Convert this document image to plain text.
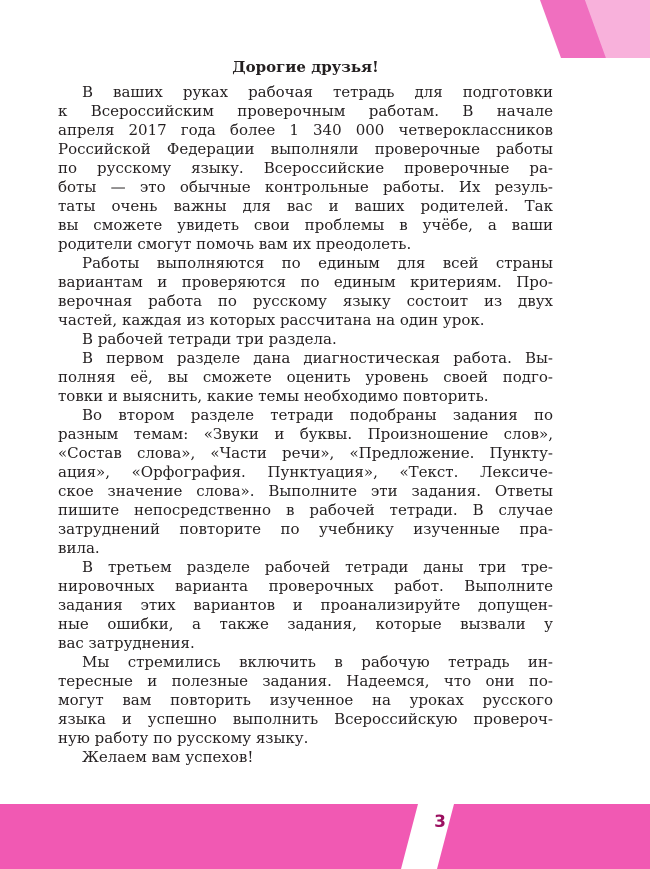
Дорогие друзья!
В ваших руках рабочая тетрадь для подготовки
к Всероссийским проверочным работам. В начале
апреля 2017 года более 1 340 000 четвероклассников
Российской Федерации выполняли проверочные работы
по русскому языку. Всероссийские проверочные ра-
боты — это обычные контрольные работы. Их резуль-
таты очень важны для вас и ваших родителей. Так
вы сможете увидеть свои проблемы в учёбе, а ваши
родители смогут помочь вам их преодолеть.
Работы выполняются по единым для всей страны
вариантам и проверяются по единым критериям. Про-
верочная работа по русскому языку состоит из двух
частей, каждая из которых рассчитана на один урок.
В рабочей тетради три раздела.
В первом разделе дана диагностическая работа. Вы-
полняя её, вы сможете оценить уровень своей подго-
товки и выяснить, какие темы необходимо повторить.
Во втором разделе тетради подобраны задания по
разным темам: «Звуки и буквы. Произношение слов»,
«Состав слова», «Части речи», «Предложение. Пункту-
ация», «Орфография. Пунктуация», «Текст. Лексиче-
ское значение слова». Выполните эти задания. Ответы
пишите непосредственно в рабочей тетради. В случае
затруднений повторите по учебнику изученные пра-
вила.
В третьем разделе рабочей тетради даны три тре-
нировочных варианта проверочных работ. Выполните
задания этих вариантов и проанализируйте допущен-
ные ошибки, а также задания, которые вызвали у
вас затруднения.
Мы стремились включить в рабочую тетрадь ин-
тересные и полезные задания. Надеемся, что они по-
могут вам повторить изученное на уроках русского
языка и успешно выполнить Всероссийскую провероч-
ную работу по русскому языку.
Желаем вам успехов!
3
